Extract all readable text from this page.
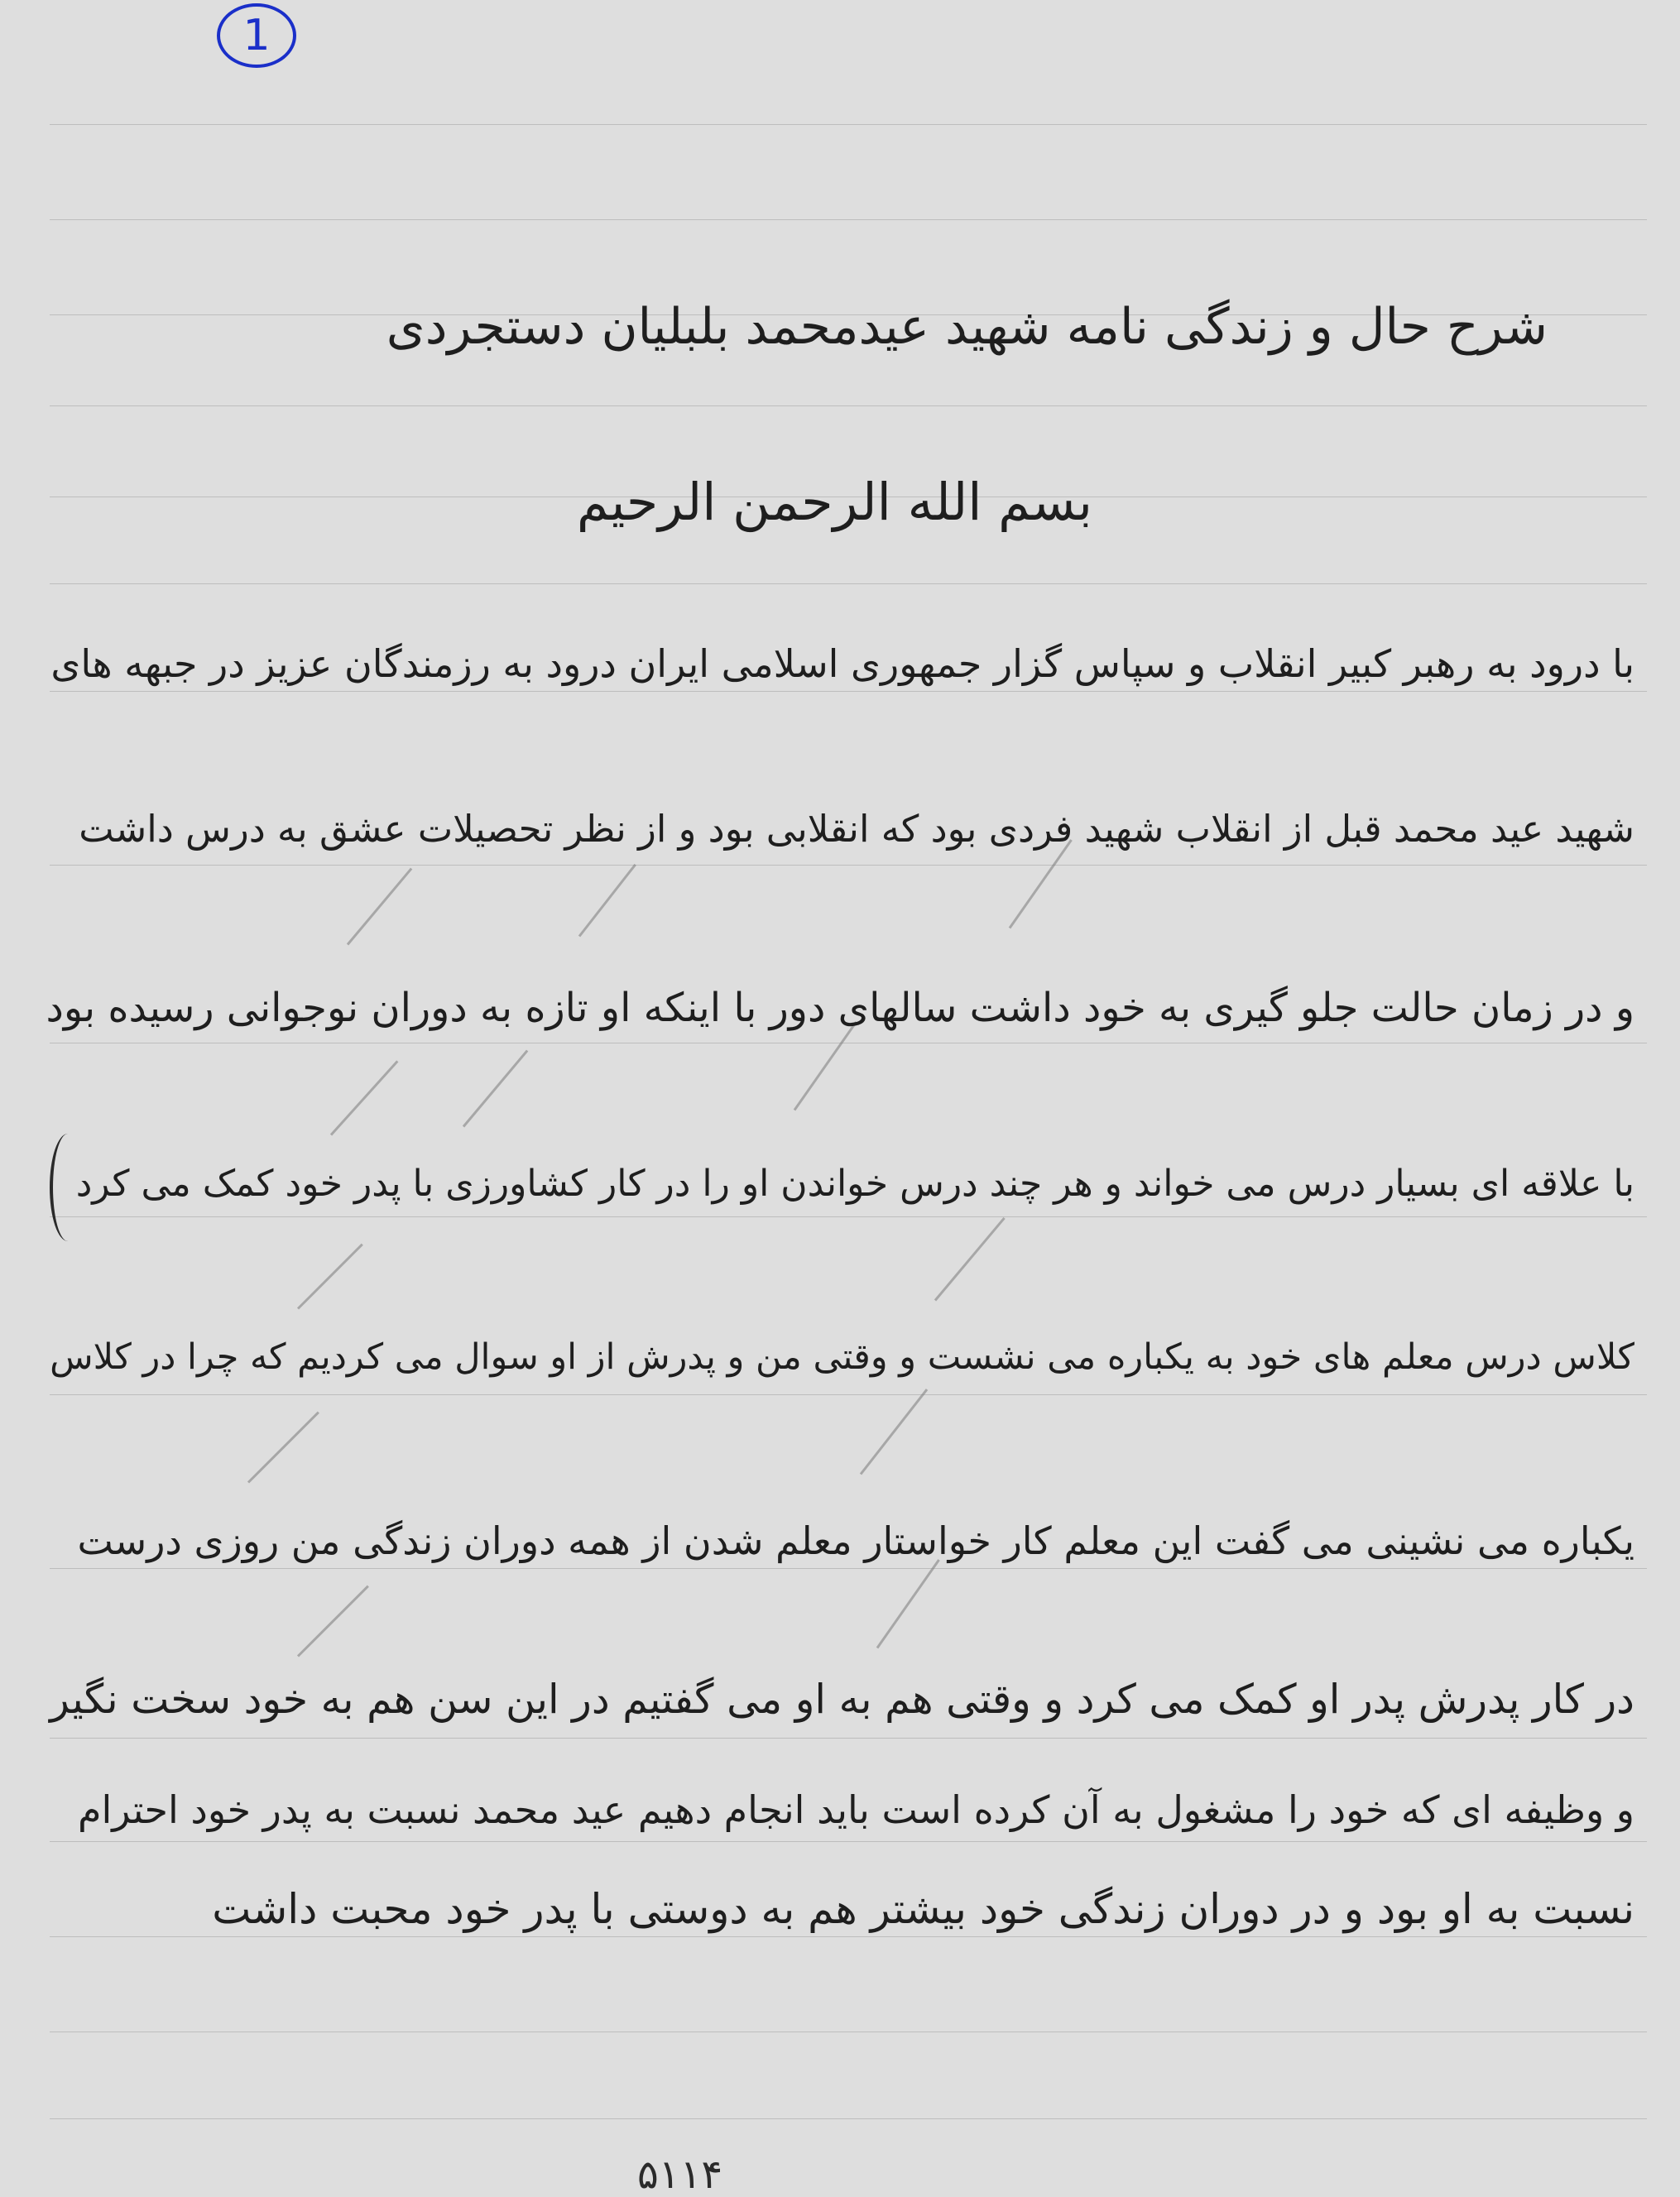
1
شرح حال و زندگی نامه شهید عیدمحمد بلبلیان دستجردی
بسم الله الرحمن الرحیم
با درود به رهبر کبیر انقلاب و سپاس گزار جمهوری اسلامی ایران درود به رزمندگان عزیز در جبهه های
شهید عید محمد قبل از انقلاب شهید فردی بود که انقلابی بود و از نظر تحصیلات عشق به درس داشت
و در زمان حالت جلو گیری به خود داشت سالهای دور با اینکه او تازه به دوران نوجوانی رسیده بود
با علاقه ای بسیار درس می خواند و هر چند درس خواندن او را در کار کشاورزی با پدر خود کمک می کرد
کلاس درس معلم های خود به یکباره می نشست و وقتی من و پدرش از او سوال می کردیم که چرا در کلاس
یکباره می نشینی می گفت این معلم کار خواستار معلم شدن از همه دوران زندگی من روزی درست
در کار پدرش پدر او کمک می کرد و وقتی هم به او می گفتیم در این سن هم به خود سخت نگیر
و وظیفه ای که خود را مشغول به آن کرده است باید انجام دهیم عید محمد نسبت به پدر خود احترام
نسبت به او بود و در دوران زندگی خود بیشتر هم به دوستی با پدر خود محبت داشت
۵۱۱۴
